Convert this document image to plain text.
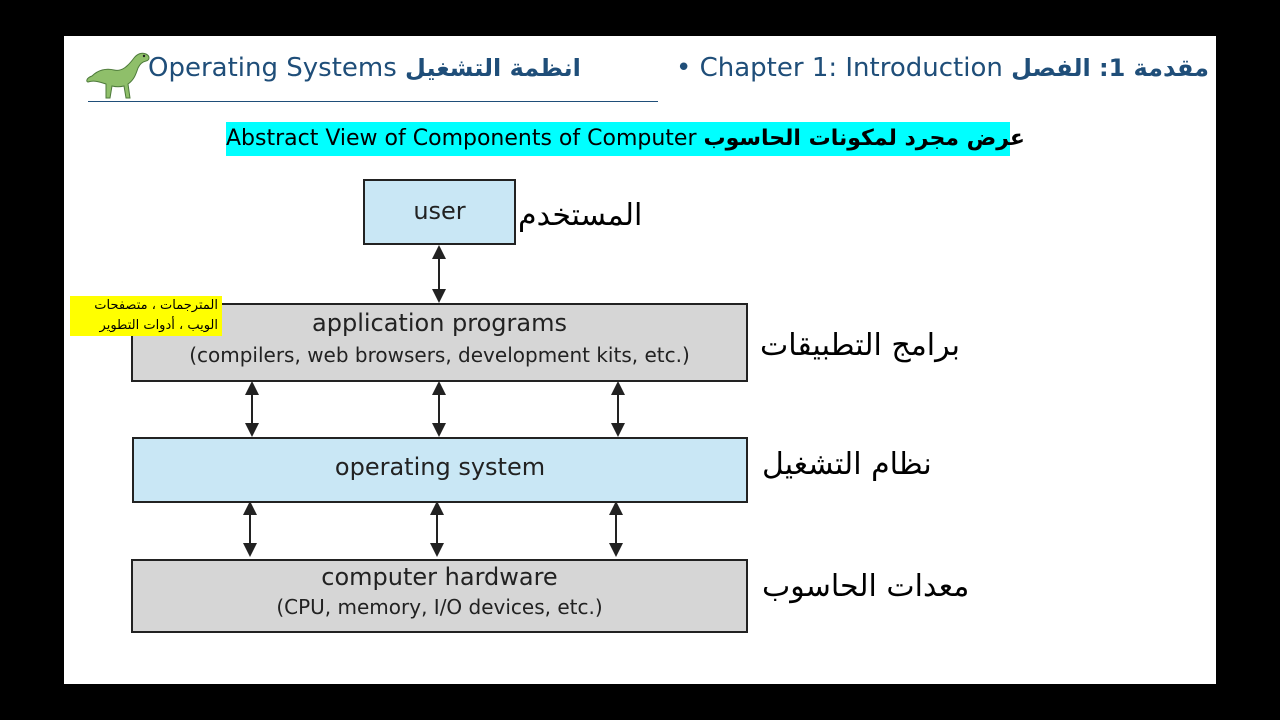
Operating Systems انظمة التشغيل	• Chapter 1: Introduction	مقدمة 1: الفصل
Abstract View of Components of Computer عرض مجرد لمكونات الحاسوب
user	المستخدم
application programs
(compilers, web browsers, development kits, etc.)
المترجمات ، متصفحات
الويب ، أدوات التطوير
برامج التطبيقات
operating system	نظام التشغيل
computer hardware
(CPU, memory, I/O devices, etc.)
معدات الحاسوب
